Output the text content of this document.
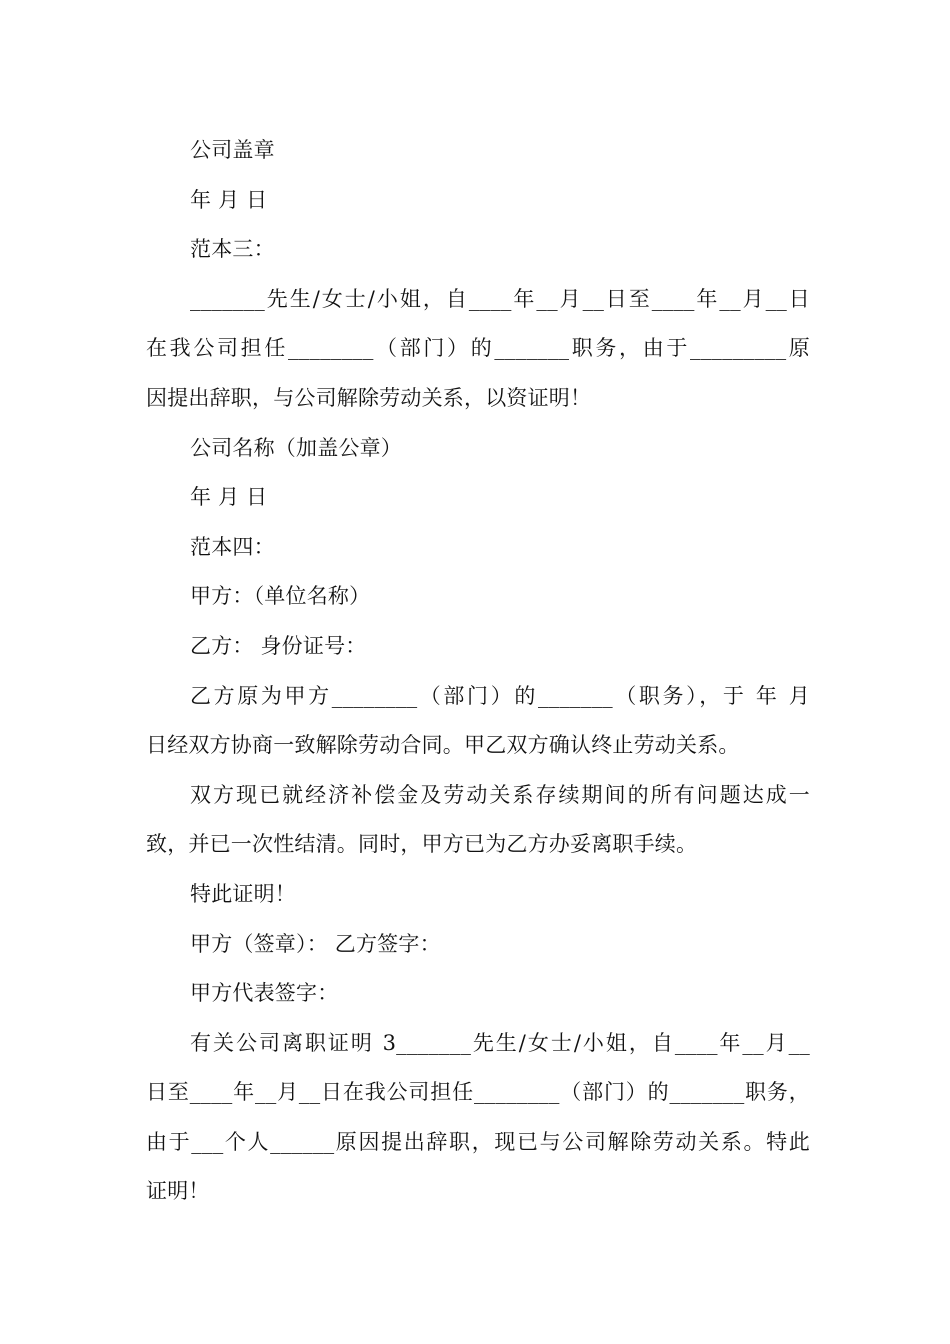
公司盖章

年 月 日

范本三：

_______先生/女士/小姐，自____年__月__日至____年__月__日

在我公司担任________（部门）的_______职务，由于_________原

因提出辞职，与公司解除劳动关系，以资证明！

公司名称（加盖公章）

年 月 日

范本四：

甲方：（单位名称）

乙方： 身份证号：

乙方原为甲方________（部门）的_______（职务），于 年 月

日经双方协商一致解除劳动合同。甲乙双方确认终止劳动关系。

双方现已就经济补偿金及劳动关系存续期间的所有问题达成一

致，并已一次性结清。同时，甲方已为乙方办妥离职手续。

特此证明！

甲方（签章）： 乙方签字：

甲方代表签字：

有关公司离职证明 3_______先生/女士/小姐，自____年__月__

日至____年__月__日在我公司担任________（部门）的_______职务，

由于___个人______原因提出辞职，现已与公司解除劳动关系。特此

证明！
